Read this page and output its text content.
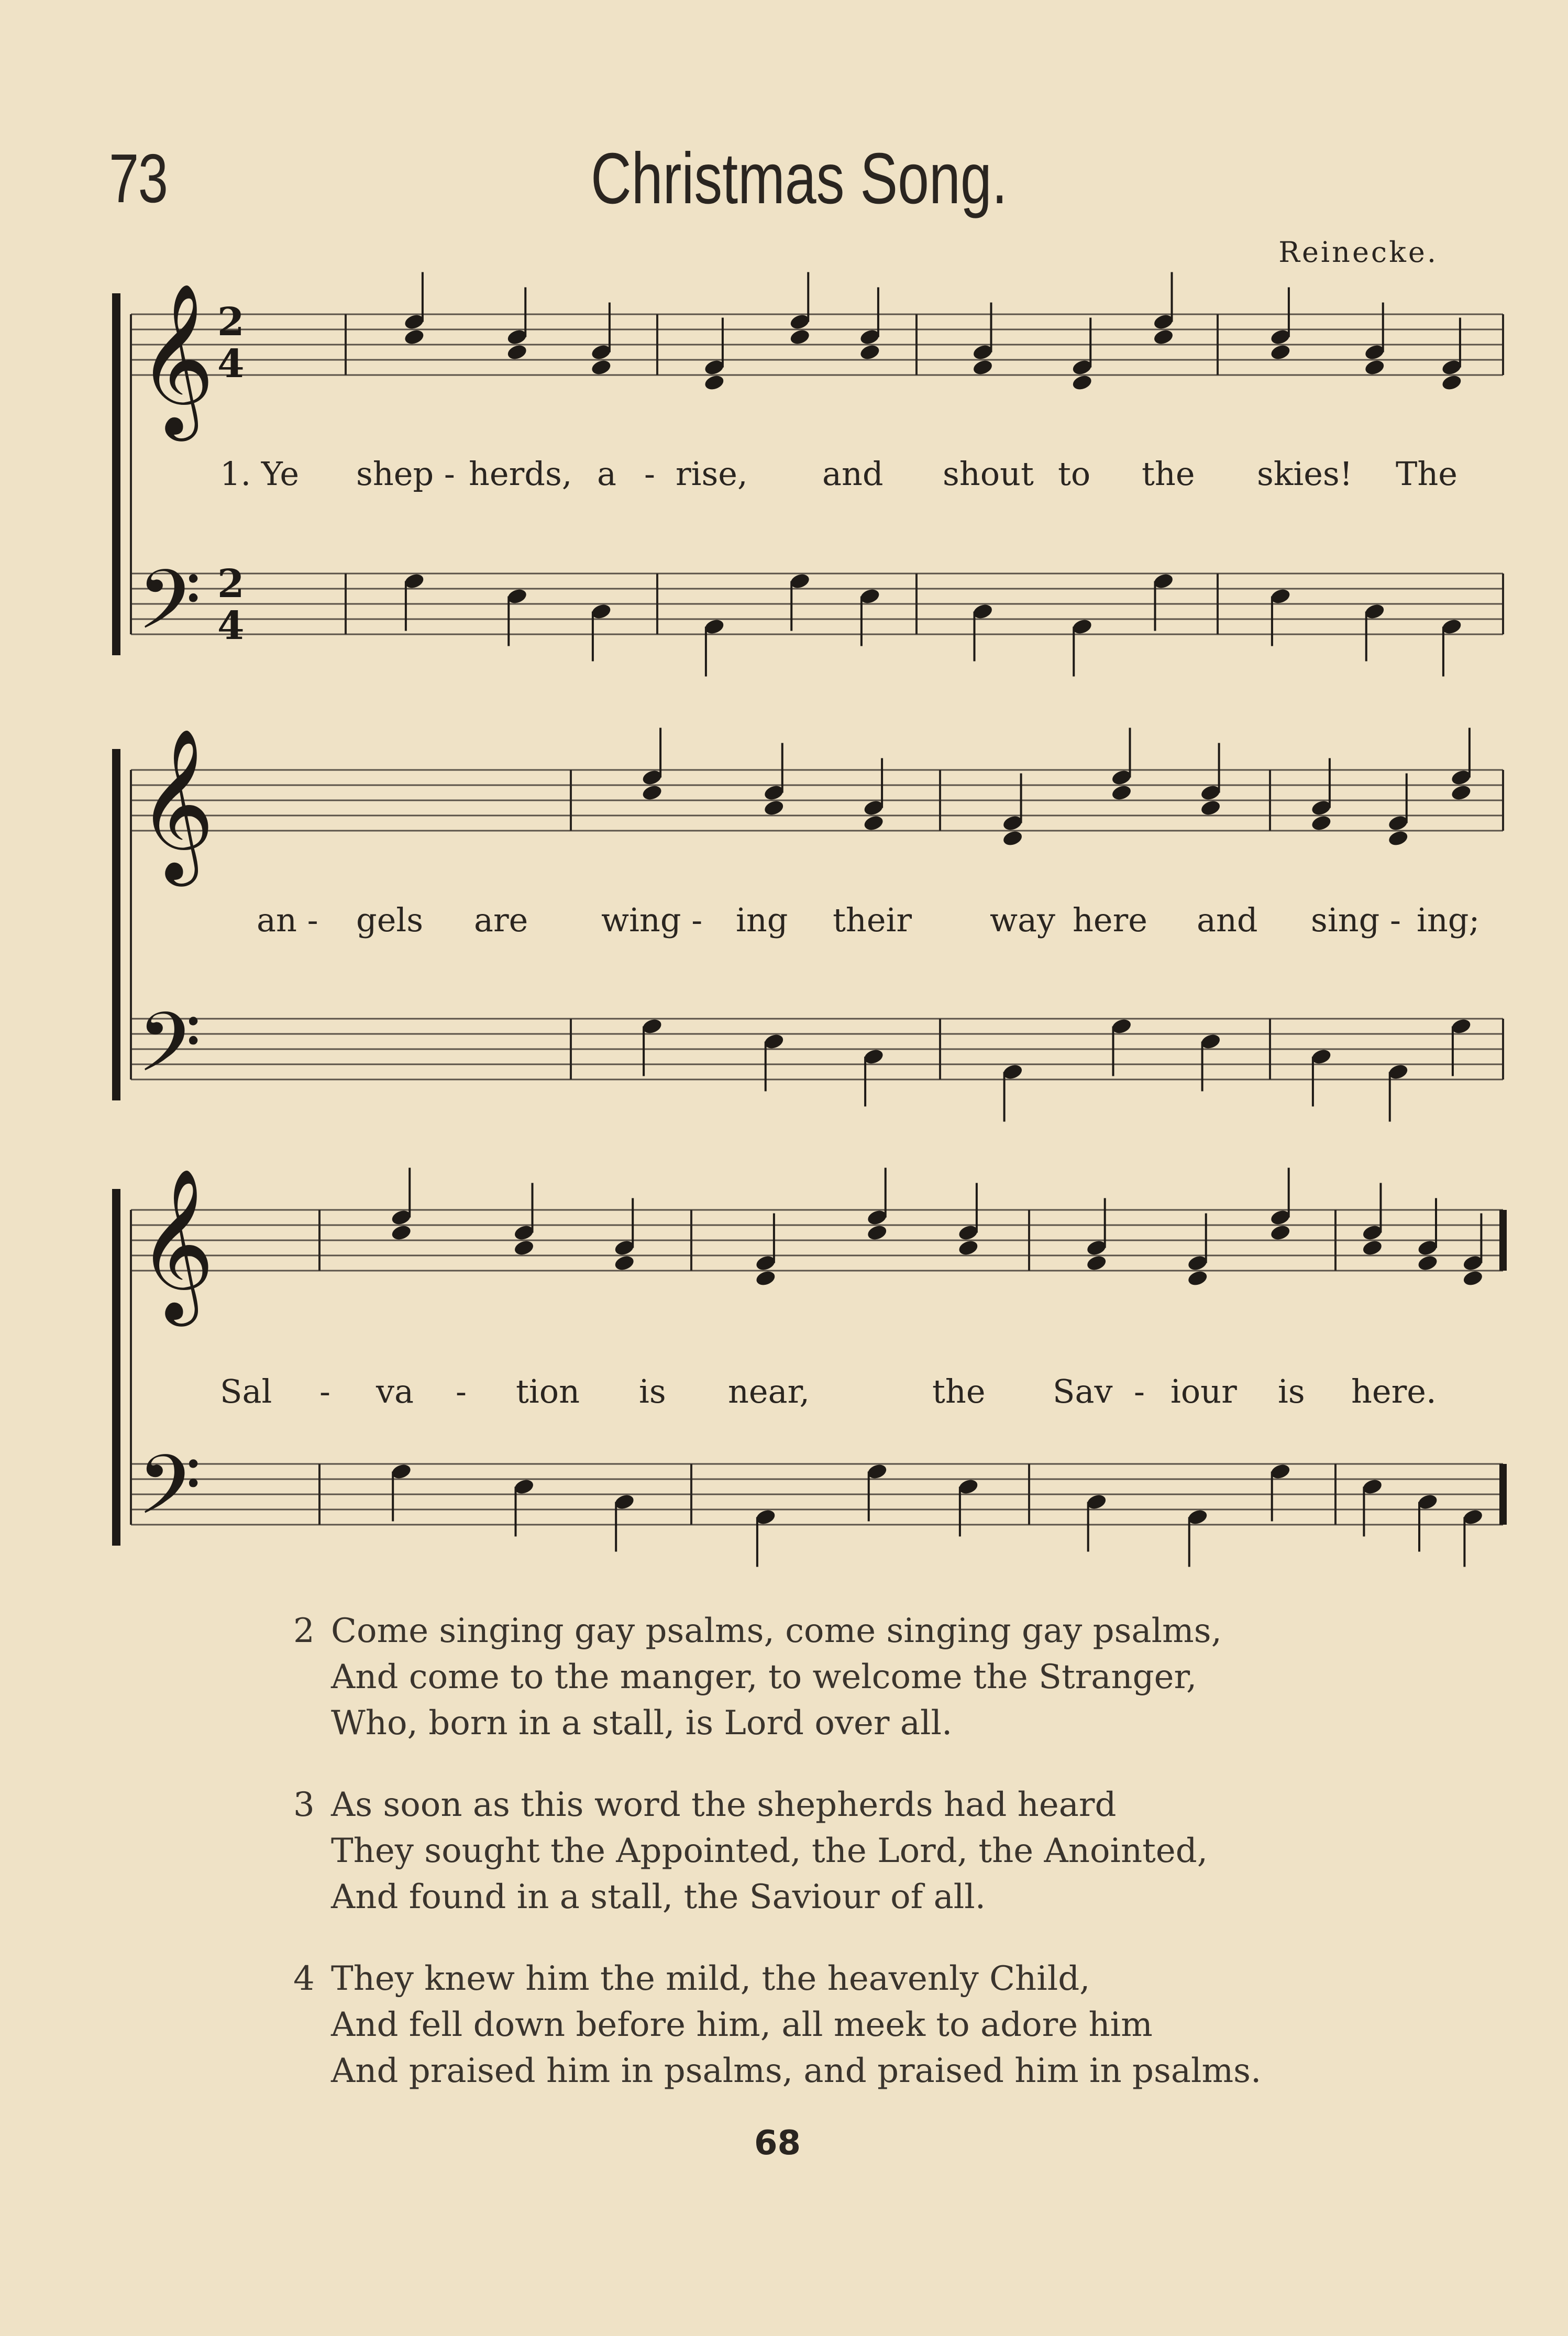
73	Christmas Song.

Reinecke.

𝄞
𝄞
𝄞
𝄢
𝄢
𝄢
2
4
2
4
1. Ye shep - herds, a - rise, and shout to the skies! The
an - gels are wing - ing their way here and sing - ing;
Sal - va - tion is near,	the Sav - iour is here.
2 Come singing gay psalms, come singing gay psalms,
And come to the manger, to welcome the Stranger,
Who, born in a stall, is Lord over all.
3 As soon as this word the shepherds had heard
They sought the Appointed, the Lord, the Anointed,
And found in a stall, the Saviour of all.
4 They knew him the mild, the heavenly Child,
And fell down before him, all meek to adore him
And praised him in psalms, and praised him in psalms.
68
